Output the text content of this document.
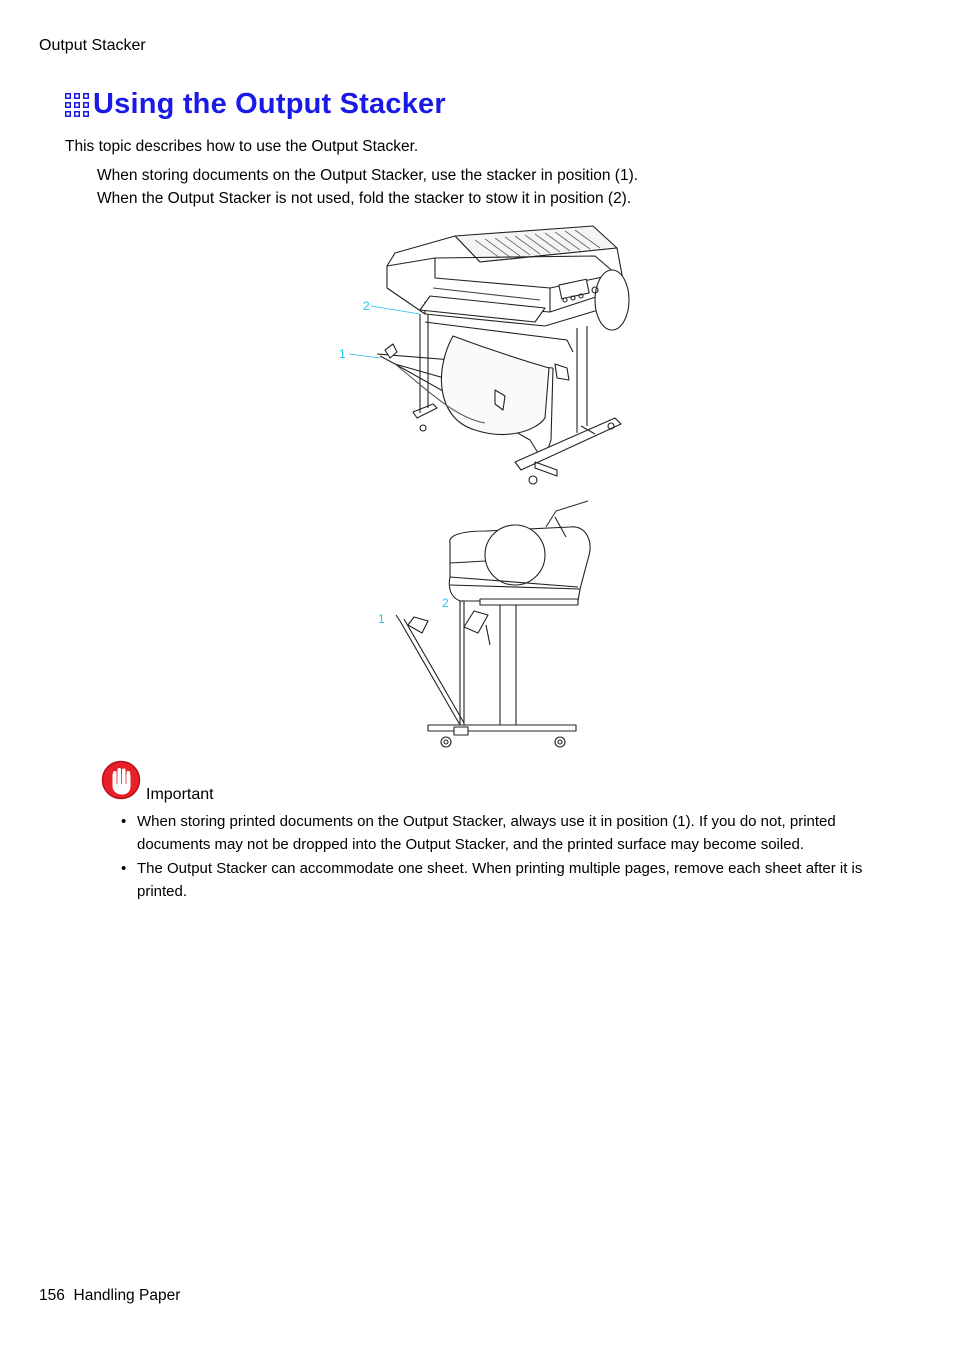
Output Stacker
Using the Output Stacker
This topic describes how to use the Output Stacker.
When storing documents on the Output Stacker, use the stacker in position (1).
When the Output Stacker is not used, fold the stacker to stow it in position (2).
2
1
2
1
Important
• When storing printed documents on the Output Stacker, always use it in position (1). If you do not, printed documents may not be dropped into the Output Stacker, and the printed surface may become soiled.
• The Output Stacker can accommodate one sheet. When printing multiple pages, remove each sheet after it is printed.
156 Handling Paper
